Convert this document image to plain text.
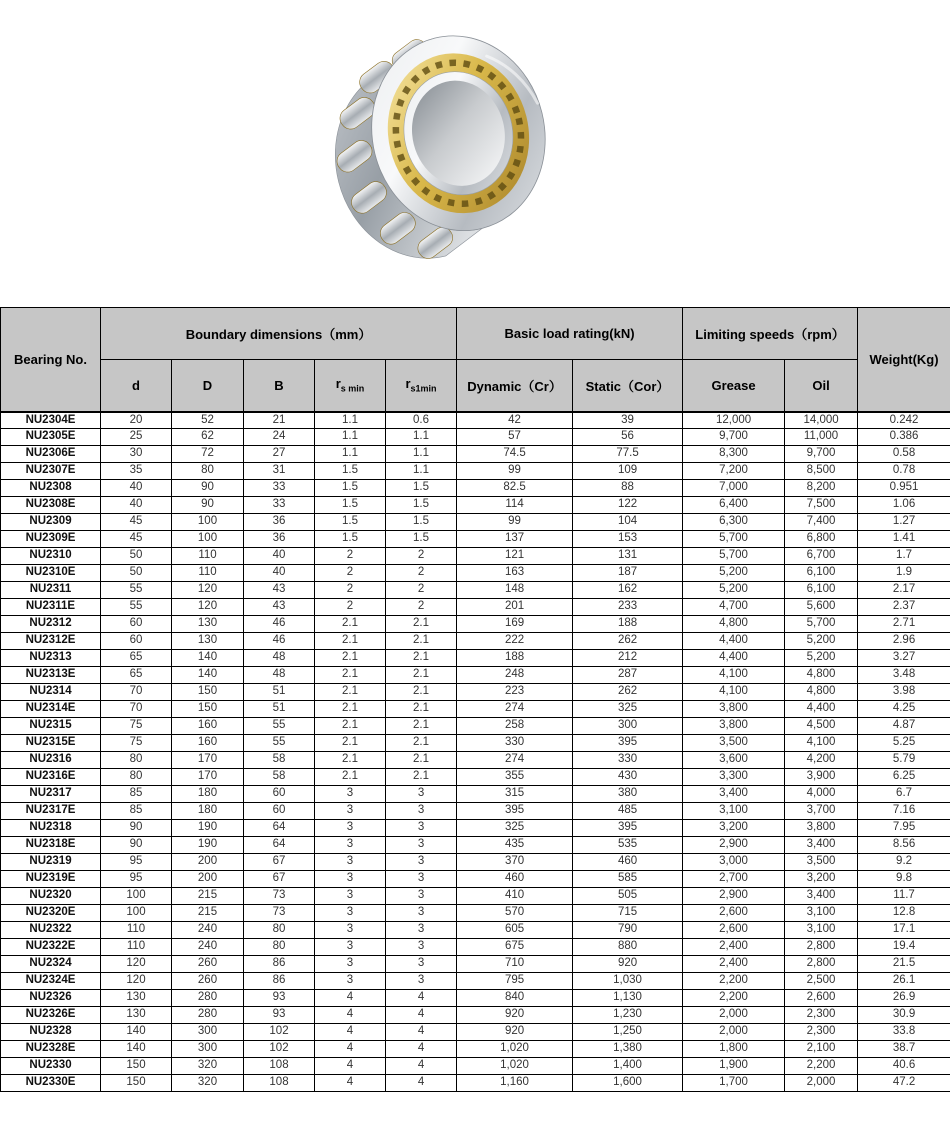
Bearing No.	Boundary dimensions（mm）					Basic load rating(kN)		Limiting speeds（rpm）		Weight(Kg)
	d	D	B	$r_{s min}$	$r_{s1min}$	Dynamic（Cr）	Static（Cor）	Grease	Oil	
NU2304E	20	52	21	1.1	0.6	42	39	12,000	14,000	0.242
NU2305E	25	62	24	1.1	1.1	57	56	9,700	11,000	0.386
NU2306E	30	72	27	1.1	1.1	74.5	77.5	8,300	9,700	0.58
NU2307E	35	80	31	1.5	1.1	99	109	7,200	8,500	0.78
NU2308	40	90	33	1.5	1.5	82.5	88	7,000	8,200	0.951
NU2308E	40	90	33	1.5	1.5	114	122	6,400	7,500	1.06
NU2309	45	100	36	1.5	1.5	99	104	6,300	7,400	1.27
NU2309E	45	100	36	1.5	1.5	137	153	5,700	6,800	1.41
NU2310	50	110	40	2	2	121	131	5,700	6,700	1.7
NU2310E	50	110	40	2	2	163	187	5,200	6,100	1.9
NU2311	55	120	43	2	2	148	162	5,200	6,100	2.17
NU2311E	55	120	43	2	2	201	233	4,700	5,600	2.37
NU2312	60	130	46	2.1	2.1	169	188	4,800	5,700	2.71
NU2312E	60	130	46	2.1	2.1	222	262	4,400	5,200	2.96
NU2313	65	140	48	2.1	2.1	188	212	4,400	5,200	3.27
NU2313E	65	140	48	2.1	2.1	248	287	4,100	4,800	3.48
NU2314	70	150	51	2.1	2.1	223	262	4,100	4,800	3.98
NU2314E	70	150	51	2.1	2.1	274	325	3,800	4,400	4.25
NU2315	75	160	55	2.1	2.1	258	300	3,800	4,500	4.87
NU2315E	75	160	55	2.1	2.1	330	395	3,500	4,100	5.25
NU2316	80	170	58	2.1	2.1	274	330	3,600	4,200	5.79
NU2316E	80	170	58	2.1	2.1	355	430	3,300	3,900	6.25
NU2317	85	180	60	3	3	315	380	3,400	4,000	6.7
NU2317E	85	180	60	3	3	395	485	3,100	3,700	7.16
NU2318	90	190	64	3	3	325	395	3,200	3,800	7.95
NU2318E	90	190	64	3	3	435	535	2,900	3,400	8.56
NU2319	95	200	67	3	3	370	460	3,000	3,500	9.2
NU2319E	95	200	67	3	3	460	585	2,700	3,200	9.8
NU2320	100	215	73	3	3	410	505	2,900	3,400	11.7
NU2320E	100	215	73	3	3	570	715	2,600	3,100	12.8
NU2322	110	240	80	3	3	605	790	2,600	3,100	17.1
NU2322E	110	240	80	3	3	675	880	2,400	2,800	19.4
NU2324	120	260	86	3	3	710	920	2,400	2,800	21.5
NU2324E	120	260	86	3	3	795	1,030	2,200	2,500	26.1
NU2326	130	280	93	4	4	840	1,130	2,200	2,600	26.9
NU2326E	130	280	93	4	4	920	1,230	2,000	2,300	30.9
NU2328	140	300	102	4	4	920	1,250	2,000	2,300	33.8
NU2328E	140	300	102	4	4	1,020	1,380	1,800	2,100	38.7
NU2330	150	320	108	4	4	1,020	1,400	1,900	2,200	40.6
NU2330E	150	320	108	4	4	1,160	1,600	1,700	2,000	47.2
